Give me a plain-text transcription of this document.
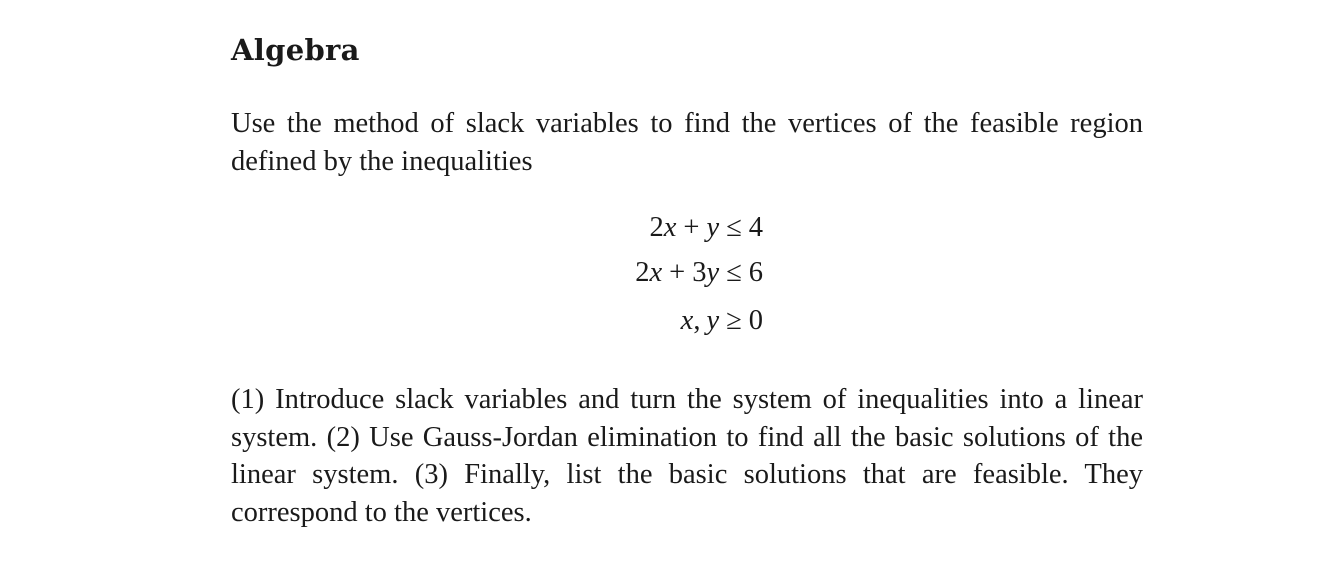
Algebra

Use the method of slack variables to find the vertices of the feasible region defined by the inequalities

2x + y ≤ 4
2x + 3y ≤ 6
x, y ≥ 0

(1) Introduce slack variables and turn the system of inequalities into a linear system. (2) Use Gauss-Jordan elimination to find all the basic solutions of the linear system. (3) Finally, list the basic solutions that are feasible. They correspond to the vertices.
